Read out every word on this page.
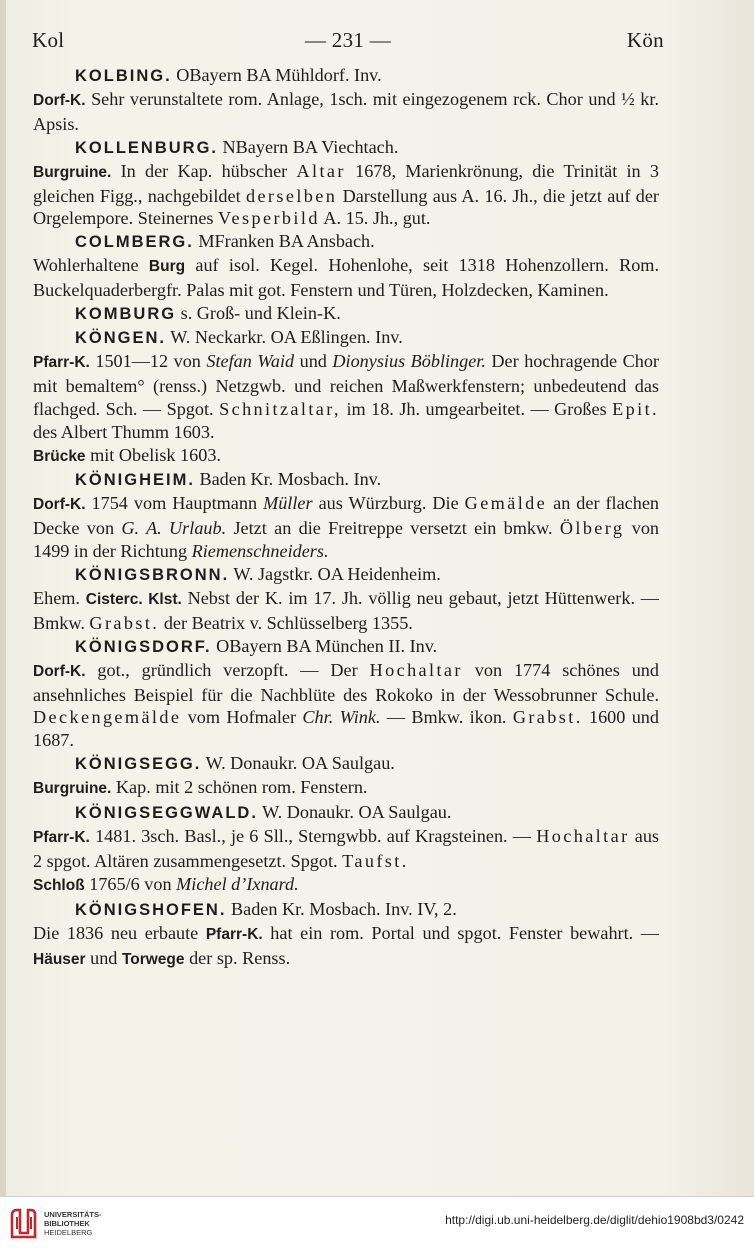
Kol	— 231 —	Kön

KOLBING. OBayern BA Mühldorf. Inv.

Dorf-K. Sehr verunstaltete rom. Anlage, 1sch. mit eingezogenem rck. Chor und ½ kr. Apsis.

KOLLENBURG. NBayern BA Viechtach.

Burgruine. In der Kap. hübscher Altar 1678, Marienkrönung, die Trinität in 3 gleichen Figg., nachgebildet derselben Darstellung aus A. 16. Jh., die jetzt auf der Orgelempore. Steinernes Vesperbild A. 15. Jh., gut.

COLMBERG. MFranken BA Ansbach.

Wohlerhaltene Burg auf isol. Kegel. Hohenlohe, seit 1318 Hohenzollern. Rom. Buckelquaderbergfr. Palas mit got. Fenstern und Türen, Holzdecken, Kaminen.

KOMBURG s. Groß- und Klein-K.

KÖNGEN. W. Neckarkr. OA Eßlingen. Inv.

Pfarr-K. 1501—12 von Stefan Waid und Dionysius Böblinger. Der hochragende Chor mit bemaltem° (renss.) Netzgwb. und reichen Maßwerkfenstern; unbedeutend das flachged. Sch. — Spgot. Schnitzaltar, im 18. Jh. umgearbeitet. — Großes Epit. des Albert Thumm 1603.

Brücke mit Obelisk 1603.

KÖNIGHEIM. Baden Kr. Mosbach. Inv.

Dorf-K. 1754 vom Hauptmann Müller aus Würzburg. Die Gemälde an der flachen Decke von G. A. Urlaub. Jetzt an die Freitreppe versetzt ein bmkw. Ölberg von 1499 in der Richtung Riemenschneiders.

KÖNIGSBRONN. W. Jagstkr. OA Heidenheim.

Ehem. Cisterc. Klst. Nebst der K. im 17. Jh. völlig neu gebaut, jetzt Hüttenwerk. — Bmkw. Grabst. der Beatrix v. Schlüsselberg 1355.

KÖNIGSDORF. OBayern BA München II. Inv.

Dorf-K. got., gründlich verzopft. — Der Hochaltar von 1774 schönes und ansehnliches Beispiel für die Nachblüte des Rokoko in der Wessobrunner Schule. Deckengemälde vom Hofmaler Chr. Wink. — Bmkw. ikon. Grabst. 1600 und 1687.

KÖNIGSEGG. W. Donaukr. OA Saulgau.

Burgruine. Kap. mit 2 schönen rom. Fenstern.

KÖNIGSEGGWALD. W. Donaukr. OA Saulgau.

Pfarr-K. 1481. 3sch. Basl., je 6 Sll., Sterngwbb. auf Kragsteinen. — Hochaltar aus 2 spgot. Altären zusammengesetzt. Spgot. Taufst.

Schloß 1765/6 von Michel d’Ixnard.

KÖNIGSHOFEN. Baden Kr. Mosbach. Inv. IV, 2.

Die 1836 neu erbaute Pfarr-K. hat ein rom. Portal und spgot. Fenster bewahrt. — Häuser und Torwege der sp. Renss.

UNIVERSITÄTS-
BIBLIOTHEK
HEIDELBERG
http://digi.ub.uni-heidelberg.de/diglit/dehio1908bd3/0242
